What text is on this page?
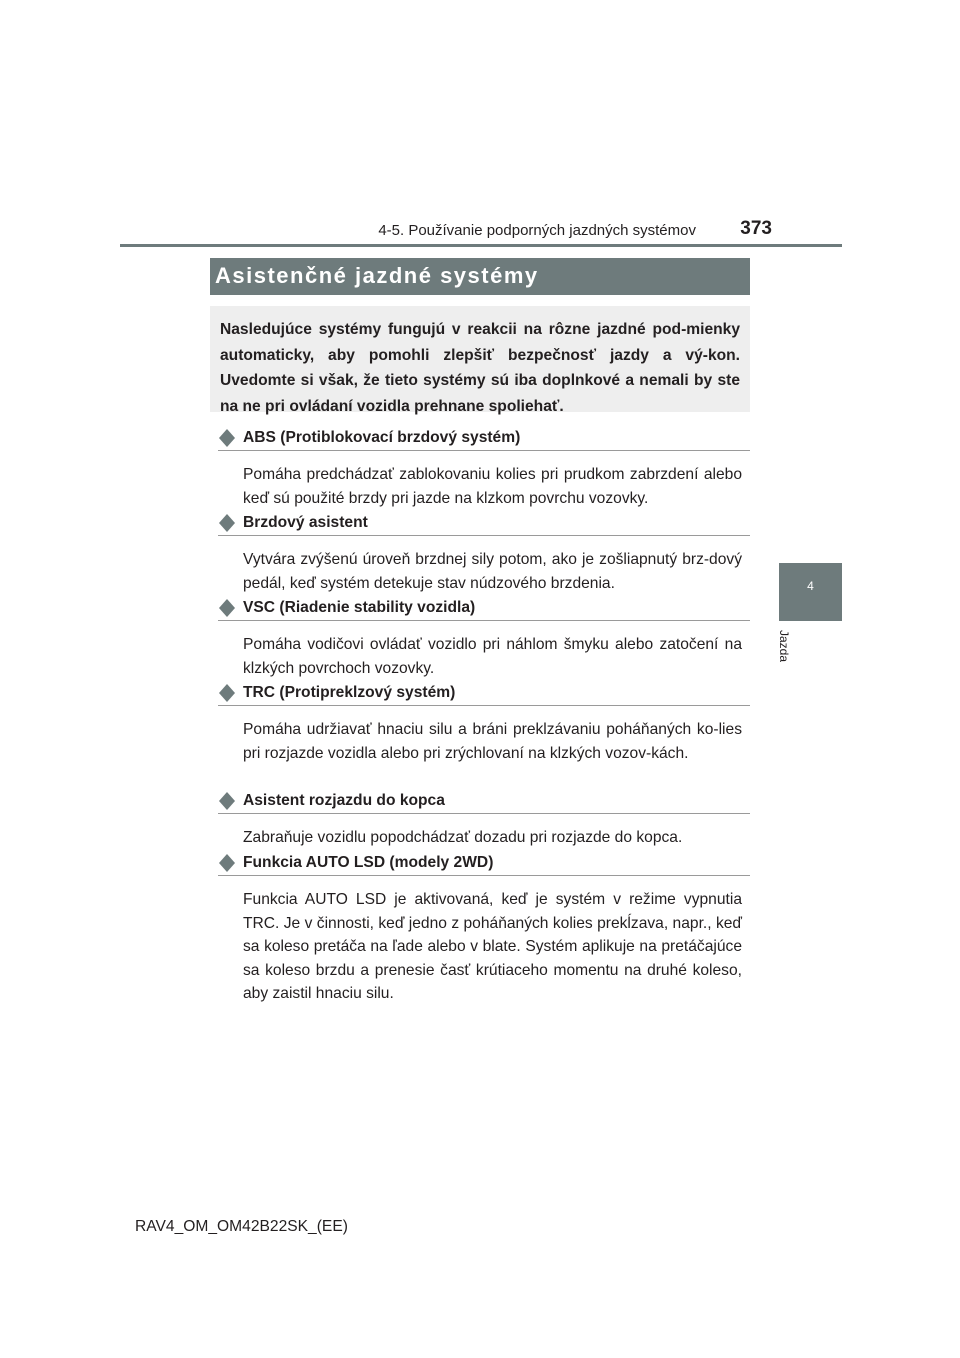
4-5. Používanie podporných jazdných systémov 373
4
Jazda
Asistenčné jazdné systémy

Nasledujúce systémy fungujú v reakcii na rôzne jazdné pod-mienky automaticky, aby pomohli zlepšiť bezpečnosť jazdy a vý-kon. Uvedomte si však, že tieto systémy sú iba doplnkové a nemali by ste na ne pri ovládaní vozidla prehnane spoliehať.

ABS (Protiblokovací brzdový systém)
Pomáha predchádzať zablokovaniu kolies pri prudkom zabrzdení alebo keď sú použité brzdy pri jazde na klzkom povrchu vozovky.
Brzdový asistent
Vytvára zvýšenú úroveň brzdnej sily potom, ako je zošliapnutý brz-dový pedál, keď systém detekuje stav núdzového brzdenia.
VSC (Riadenie stability vozidla)
Pomáha vodičovi ovládať vozidlo pri náhlom šmyku alebo zatočení na klzkých povrchoch vozovky.
TRC (Protipreklzový systém)
Pomáha udržiavať hnaciu silu a bráni preklzávaniu poháňaných ko-lies pri rozjazde vozidla alebo pri zrýchlovaní na klzkých vozov-kách.
Asistent rozjazdu do kopca
Zabraňuje vozidlu popodchádzať dozadu pri rozjazde do kopca.
Funkcia AUTO LSD (modely 2WD)
Funkcia AUTO LSD je aktivovaná, keď je systém v režime vypnutia TRC. Je v činnosti, keď jedno z poháňaných kolies prekĺzava, napr., keď sa koleso pretáča na ľade alebo v blate. Systém aplikuje na pretáčajúce sa koleso brzdu a prenesie časť krútiaceho momentu na druhé koleso, aby zaistil hnaciu silu.
RAV4_OM_OM42B22SK_(EE)
